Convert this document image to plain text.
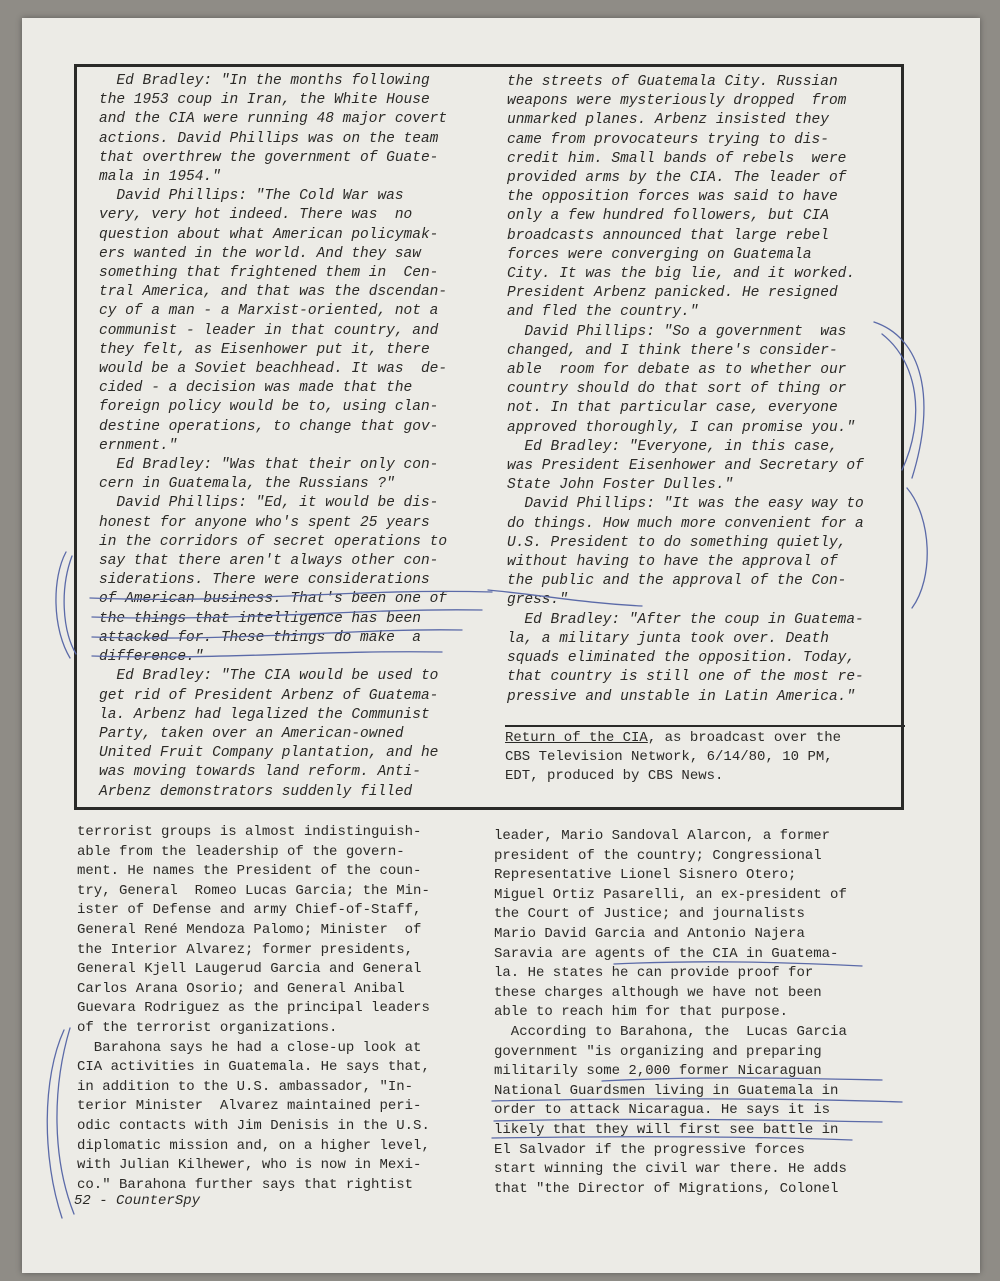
Ed Bradley: "In the months following
the 1953 coup in Iran, the White House
and the CIA were running 48 major covert
actions. David Phillips was on the team
that overthrew the government of Guate-
mala in 1954."
David Phillips: "The Cold War was
very, very hot indeed. There was  no
question about what American policymak-
ers wanted in the world. And they saw
something that frightened them in  Cen-
tral America, and that was the dscendan-
cy of a man - a Marxist-oriented, not a
communist - leader in that country, and
they felt, as Eisenhower put it, there
would be a Soviet beachhead. It was  de-
cided - a decision was made that the
foreign policy would be to, using clan-
destine operations, to change that gov-
ernment."
Ed Bradley: "Was that their only con-
cern in Guatemala, the Russians ?"
David Phillips: "Ed, it would be dis-
honest for anyone who's spent 25 years
in the corridors of secret operations to
say that there aren't always other con-
siderations. There were considerations
of American business. That's been one of
the things that intelligence has been
attacked for. These things do make  a
difference."
Ed Bradley: "The CIA would be used to
get rid of President Arbenz of Guatema-
la. Arbenz had legalized the Communist
Party, taken over an American-owned
United Fruit Company plantation, and he
was moving towards land reform. Anti-
Arbenz demonstrators suddenly filled
the streets of Guatemala City. Russian
weapons were mysteriously dropped  from
unmarked planes. Arbenz insisted they
came from provocateurs trying to dis-
credit him. Small bands of rebels  were
provided arms by the CIA. The leader of
the opposition forces was said to have
only a few hundred followers, but CIA
broadcasts announced that large rebel
forces were converging on Guatemala
City. It was the big lie, and it worked.
President Arbenz panicked. He resigned
and fled the country."
David Phillips: "So a government  was
changed, and I think there's consider-
able  room for debate as to whether our
country should do that sort of thing or
not. In that particular case, everyone
approved thoroughly, I can promise you."
Ed Bradley: "Everyone, in this case,
was President Eisenhower and Secretary of
State John Foster Dulles."
David Phillips: "It was the easy way to
do things. How much more convenient for a
U.S. President to do something quietly,
without having to have the approval of
the public and the approval of the Con-
gress."
Ed Bradley: "After the coup in Guatema-
la, a military junta took over. Death
squads eliminated the opposition. Today,
that country is still one of the most re-
pressive and unstable in Latin America."
Return of the CIA, as broadcast over the
CBS Television Network, 6/14/80, 10 PM,
EDT, produced by CBS News.
terrorist groups is almost indistinguish-
able from the leadership of the govern-
ment. He names the President of the coun-
try, General  Romeo Lucas Garcia; the Min-
ister of Defense and army Chief-of-Staff,
General René Mendoza Palomo; Minister  of
the Interior Alvarez; former presidents,
General Kjell Laugerud Garcia and General
Carlos Arana Osorio; and General Anibal
Guevara Rodriguez as the principal leaders
of the terrorist organizations.
Barahona says he had a close-up look at
CIA activities in Guatemala. He says that,
in addition to the U.S. ambassador, "In-
terior Minister  Alvarez maintained peri-
odic contacts with Jim Denisis in the U.S.
diplomatic mission and, on a higher level,
with Julian Kilhewer, who is now in Mexi-
co." Barahona further says that rightist
leader, Mario Sandoval Alarcon, a former
president of the country; Congressional
Representative Lionel Sisnero Otero;
Miguel Ortiz Pasarelli, an ex-president of
the Court of Justice; and journalists
Mario David Garcia and Antonio Najera
Saravia are agents of the CIA in Guatema-
la. He states he can provide proof for
these charges although we have not been
able to reach him for that purpose.
According to Barahona, the  Lucas Garcia
government "is organizing and preparing
militarily some 2,000 former Nicaraguan
National Guardsmen living in Guatemala in
order to attack Nicaragua. He says it is
likely that they will first see battle in
El Salvador if the progressive forces
start winning the civil war there. He adds
that "the Director of Migrations, Colonel
52 - CounterSpy
